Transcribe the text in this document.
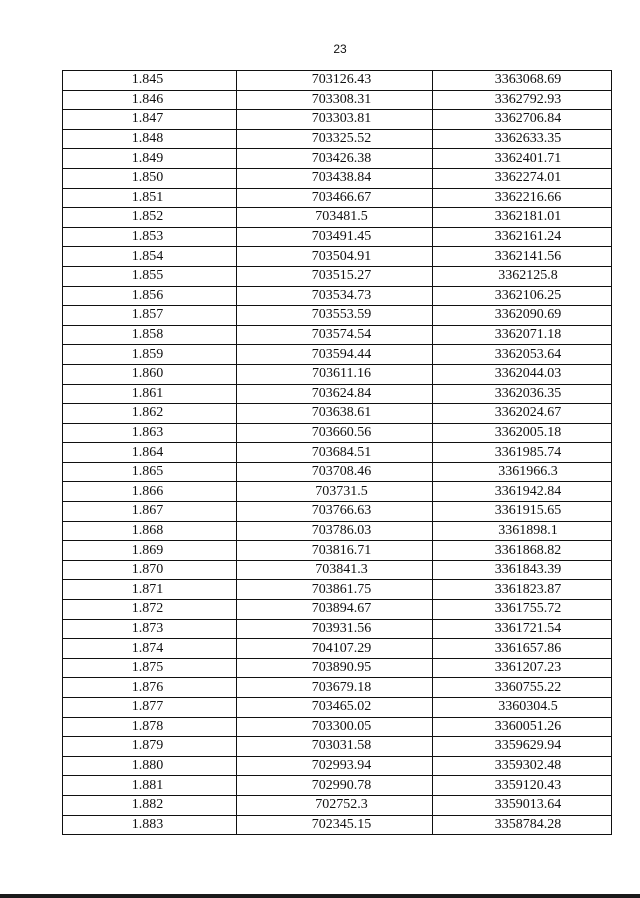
23
1.845	703126.43	3363068.69
1.846	703308.31	3362792.93
1.847	703303.81	3362706.84
1.848	703325.52	3362633.35
1.849	703426.38	3362401.71
1.850	703438.84	3362274.01
1.851	703466.67	3362216.66
1.852	703481.5	3362181.01
1.853	703491.45	3362161.24
1.854	703504.91	3362141.56
1.855	703515.27	3362125.8
1.856	703534.73	3362106.25
1.857	703553.59	3362090.69
1.858	703574.54	3362071.18
1.859	703594.44	3362053.64
1.860	703611.16	3362044.03
1.861	703624.84	3362036.35
1.862	703638.61	3362024.67
1.863	703660.56	3362005.18
1.864	703684.51	3361985.74
1.865	703708.46	3361966.3
1.866	703731.5	3361942.84
1.867	703766.63	3361915.65
1.868	703786.03	3361898.1
1.869	703816.71	3361868.82
1.870	703841.3	3361843.39
1.871	703861.75	3361823.87
1.872	703894.67	3361755.72
1.873	703931.56	3361721.54
1.874	704107.29	3361657.86
1.875	703890.95	3361207.23
1.876	703679.18	3360755.22
1.877	703465.02	3360304.5
1.878	703300.05	3360051.26
1.879	703031.58	3359629.94
1.880	702993.94	3359302.48
1.881	702990.78	3359120.43
1.882	702752.3	3359013.64
1.883	702345.15	3358784.28
